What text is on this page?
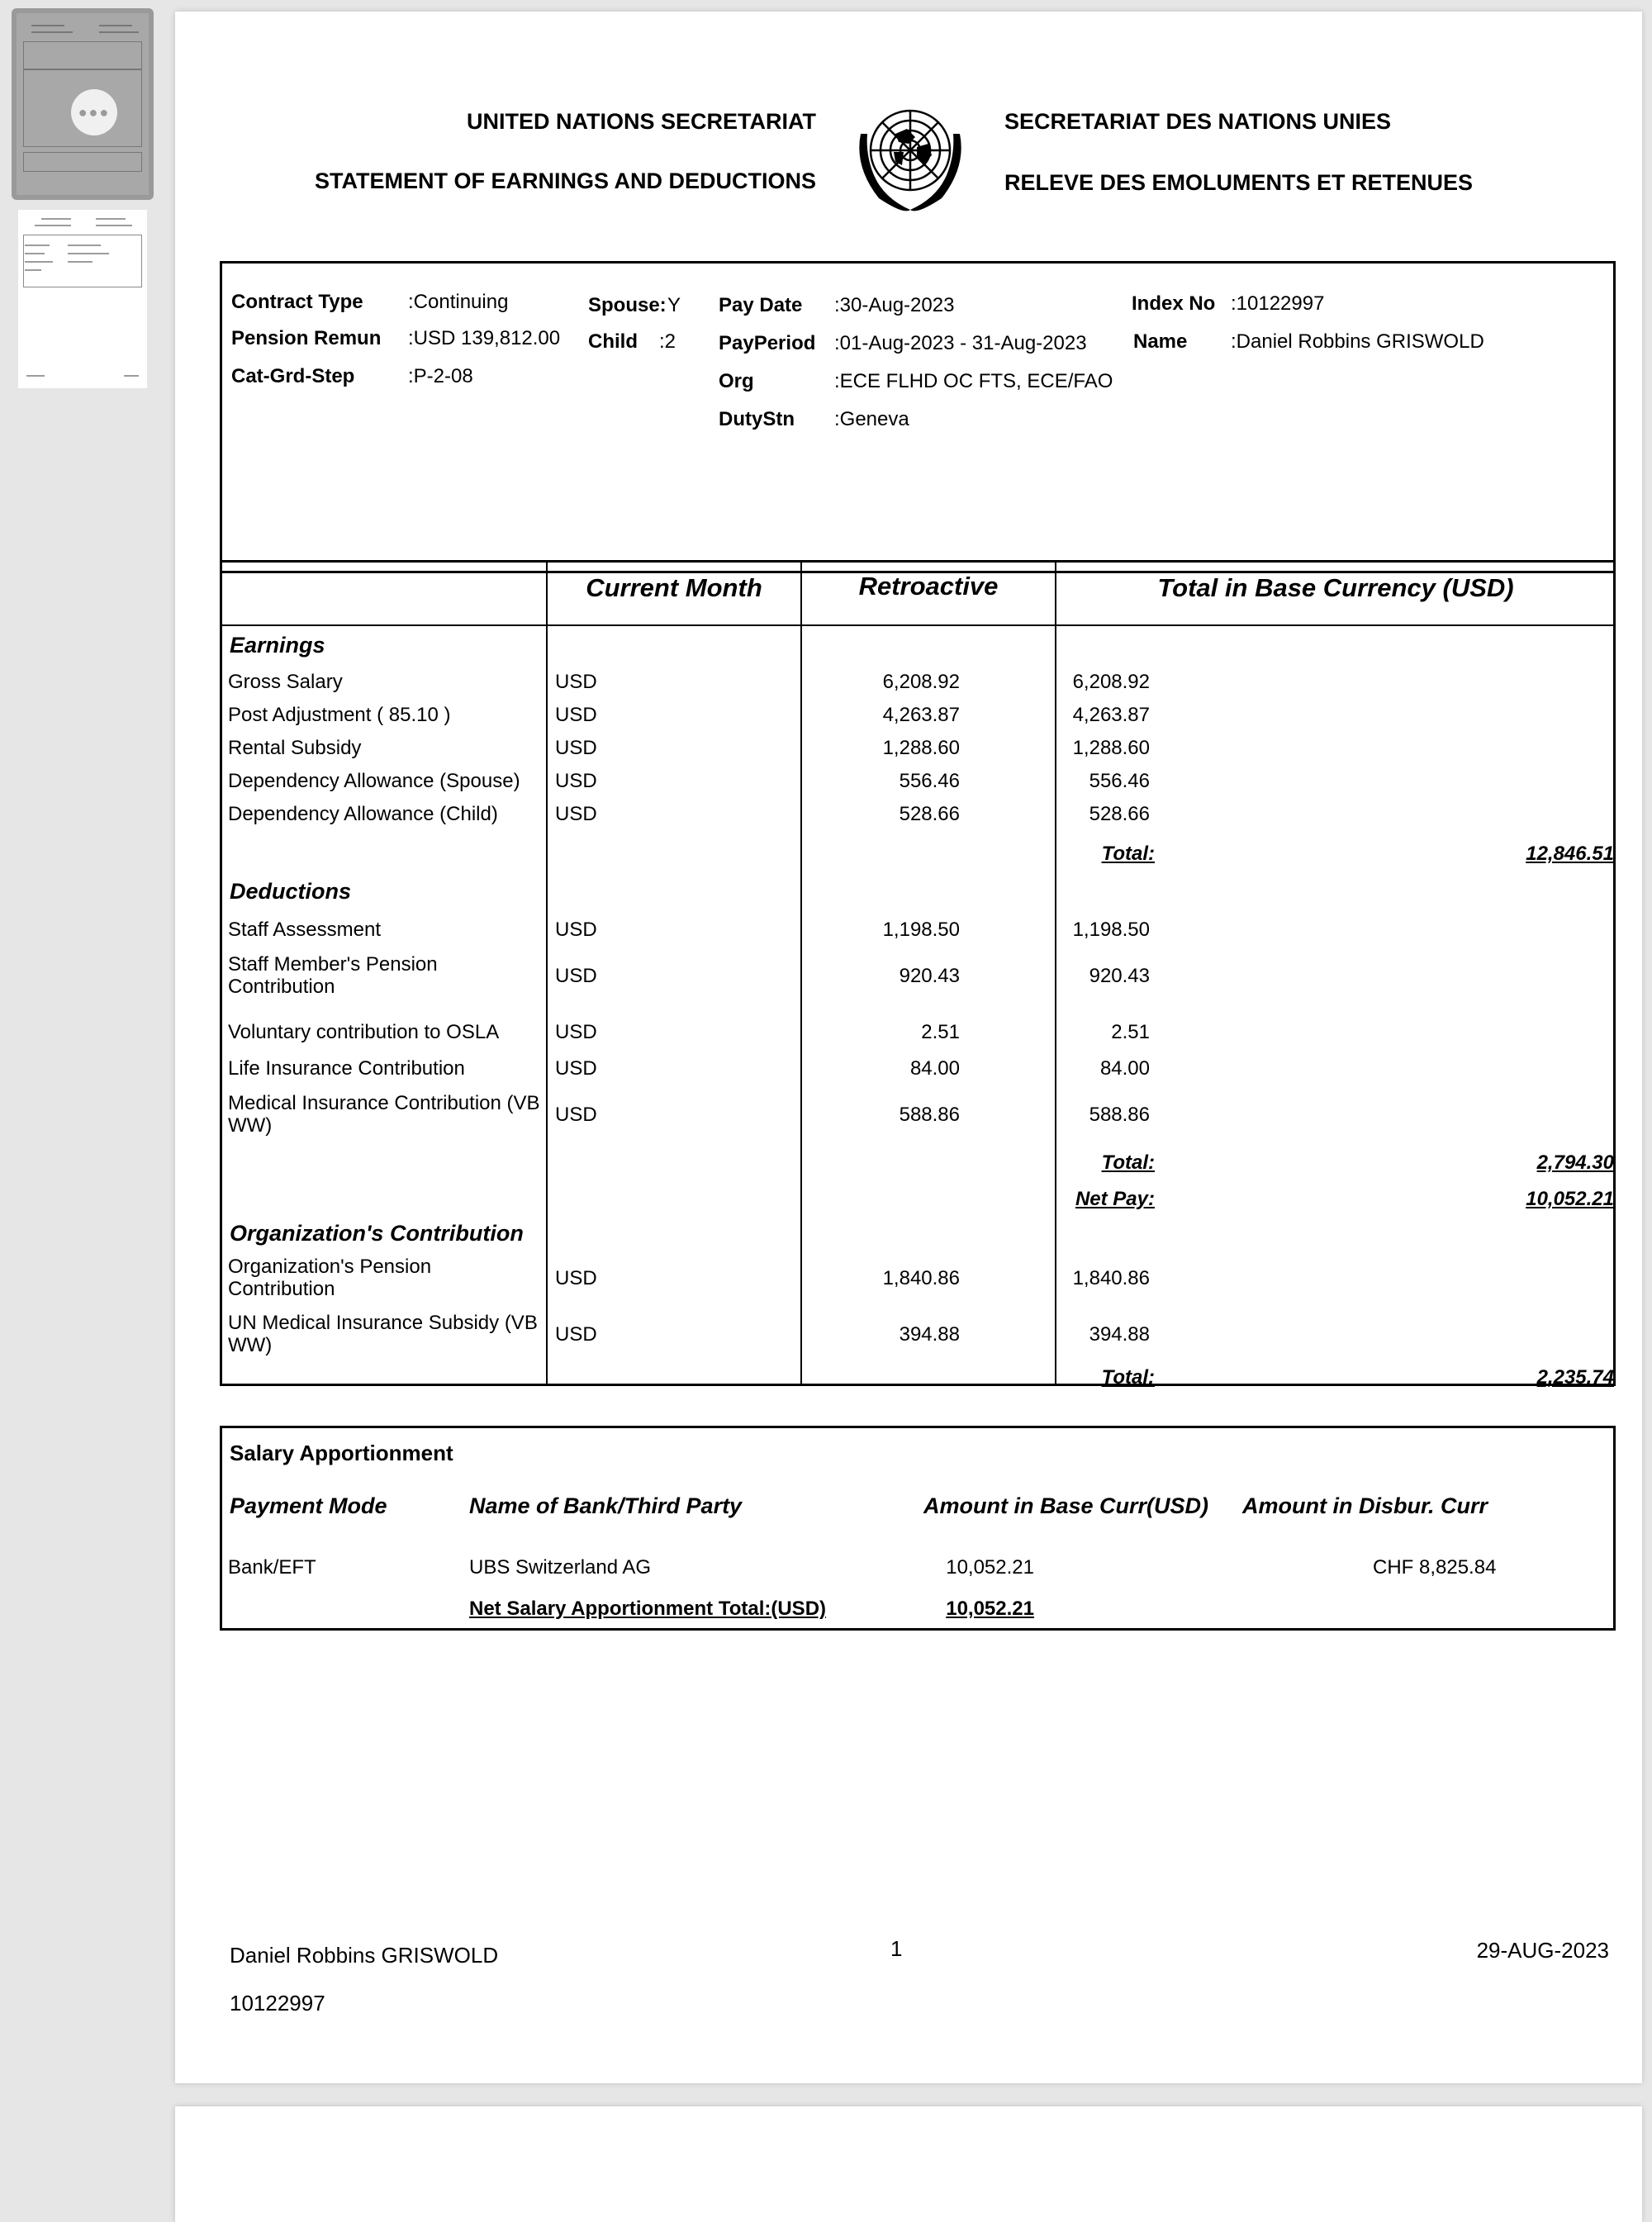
●●●	UNITED NATIONS SECRETARIAT
STATEMENT OF EARNINGS AND DEDUCTIONS
SECRETARIAT DES NATIONS UNIES
RELEVE DES EMOLUMENTS ET RETENUES
Contract Type :Continuing
Pension Remun :USD 139,812.00
Cat-Grd-Step	:P-2-08
Spouse: Y
Child :2
Pay Date :30-Aug-2023
PayPeriod :01-Aug-2023 - 31-Aug-2023
Org	:ECE FLHD OC FTS, ECE/FAO
DutyStn :Geneva
Index No :10122997
Name :Daniel Robbins GRISWOLD
Current Month	Retroactive	Total in Base Currency (USD)
Earnings
Gross Salary	USD	6,208.92	6,208.92
Post Adjustment ( 85.10 )	USD	4,263.87	4,263.87
Rental Subsidy	USD	1,288.60	1,288.60
Dependency Allowance (Spouse) USD	556.46	556.46
Dependency Allowance (Child)	USD	528.66	528.66
Total:	12,846.51
Deductions
Staff Assessment	USD	1,198.50	1,198.50
Staff Member's Pension Contribution	USD	920.43	920.43
Voluntary contribution to OSLA	USD	2.51	2.51
Life Insurance Contribution	USD	84.00	84.00
Medical Insurance Contribution (VB WW)	USD	588.86	588.86
Total:	2,794.30
Net Pay:	10,052.21
Organization's Contribution
Organization's Pension Contribution	USD	1,840.86	1,840.86
UN Medical Insurance Subsidy (VB WW)	USD	394.88	394.88
Total:	2,235.74
Salary Apportionment
Payment Mode	Name of Bank/Third Party	Amount in Base Curr(USD) Amount in Disbur. Curr
Bank/EFT	UBS Switzerland AG	10,052.21	CHF 8,825.84
Net Salary Apportionment Total:(USD)	10,052.21
Daniel Robbins GRISWOLD
10122997
1	29-AUG-2023
